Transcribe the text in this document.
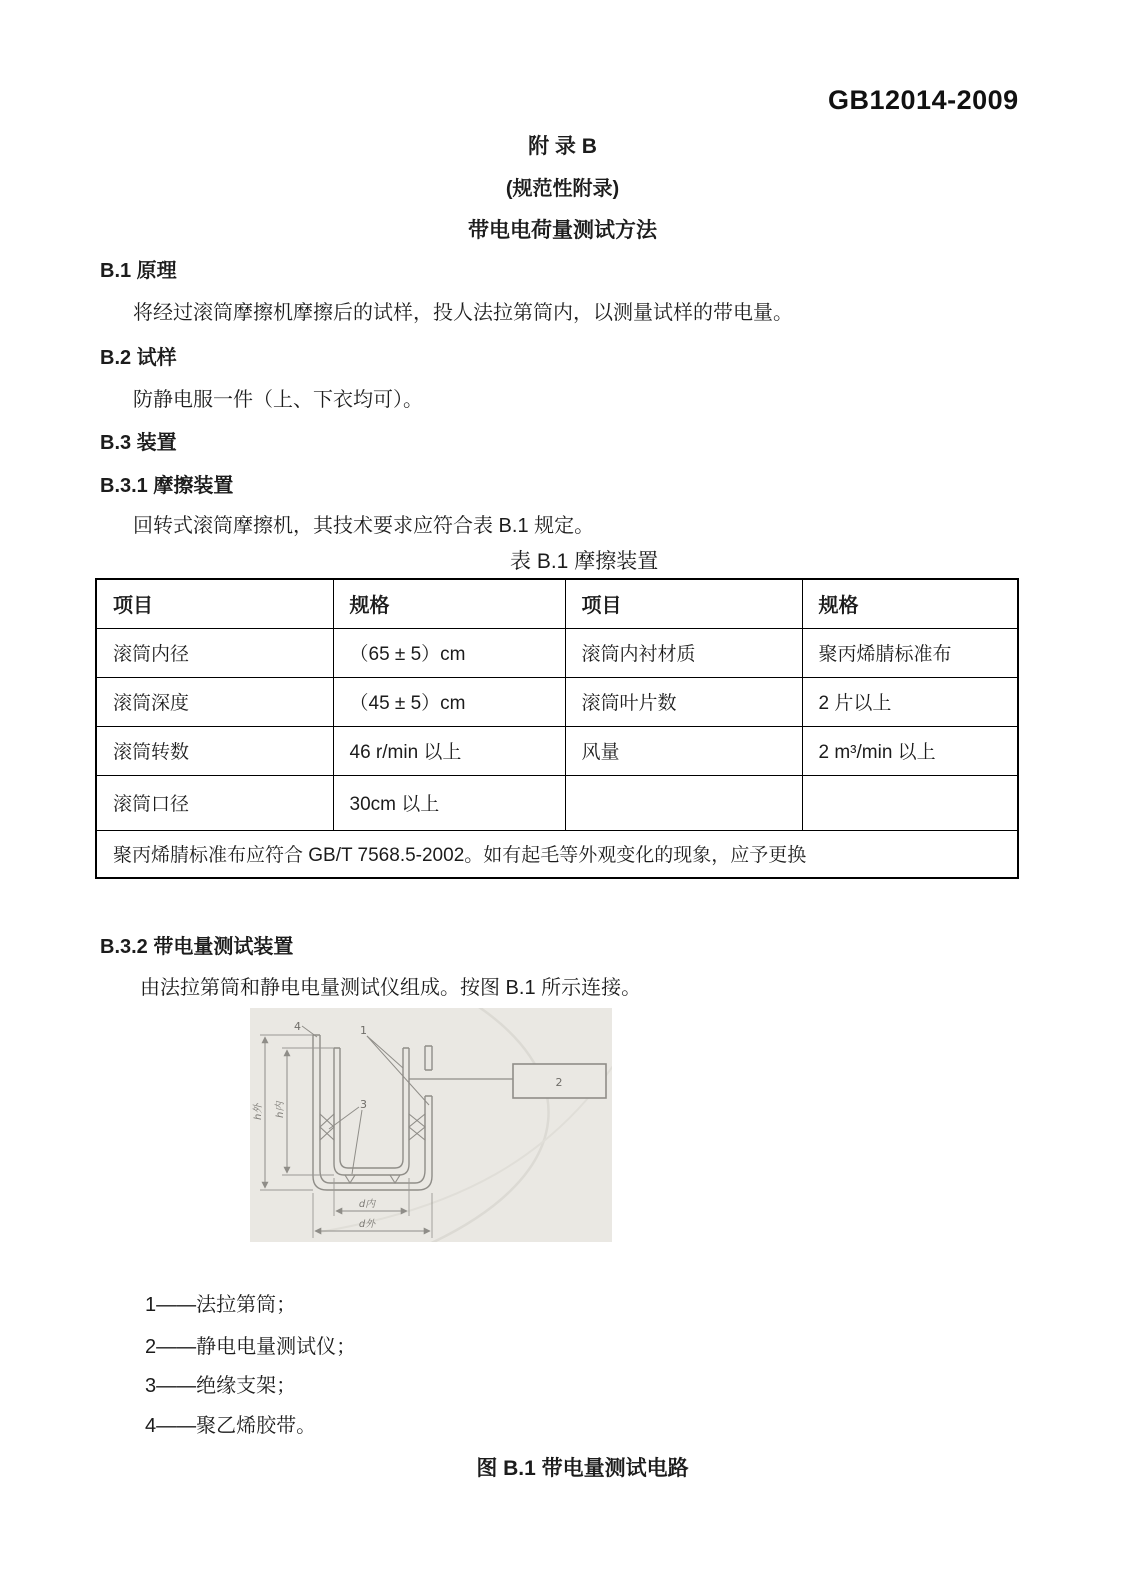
GB12014-2009
附 录 B
(规范性附录)
带电电荷量测试方法
B.1 原理
将经过滚筒摩擦机摩擦后的试样，投人法拉第筒内，以测量试样的带电量。
B.2 试样
防静电服一件（上、下衣均可）。
B.3 装置
B.3.1 摩擦装置
回转式滚筒摩擦机，其技术要求应符合表 B.1 规定。
表 B.1 摩擦装置
项目	规格	项目	规格
滚筒内径	（65 ± 5）cm	滚筒内衬材质	聚丙烯腈标准布
滚筒深度	（45 ± 5）cm	滚筒叶片数	2 片以上
滚筒转数	46 r/min 以上	风量	2 m³/min 以上
滚筒口径	30cm 以上		
聚丙烯腈标准布应符合 GB/T 7568.5-2002。如有起毛等外观变化的现象，应予更换			
B.3.2 带电量测试装置
由法拉第筒和静电电量测试仪组成。按图 B.1 所示连接。
2
4	1
3
h外 h内
d内
d外
1——法拉第筒；
2——静电电量测试仪；
3——绝缘支架；
4——聚乙烯胶带。
图 B.1 带电量测试电路
